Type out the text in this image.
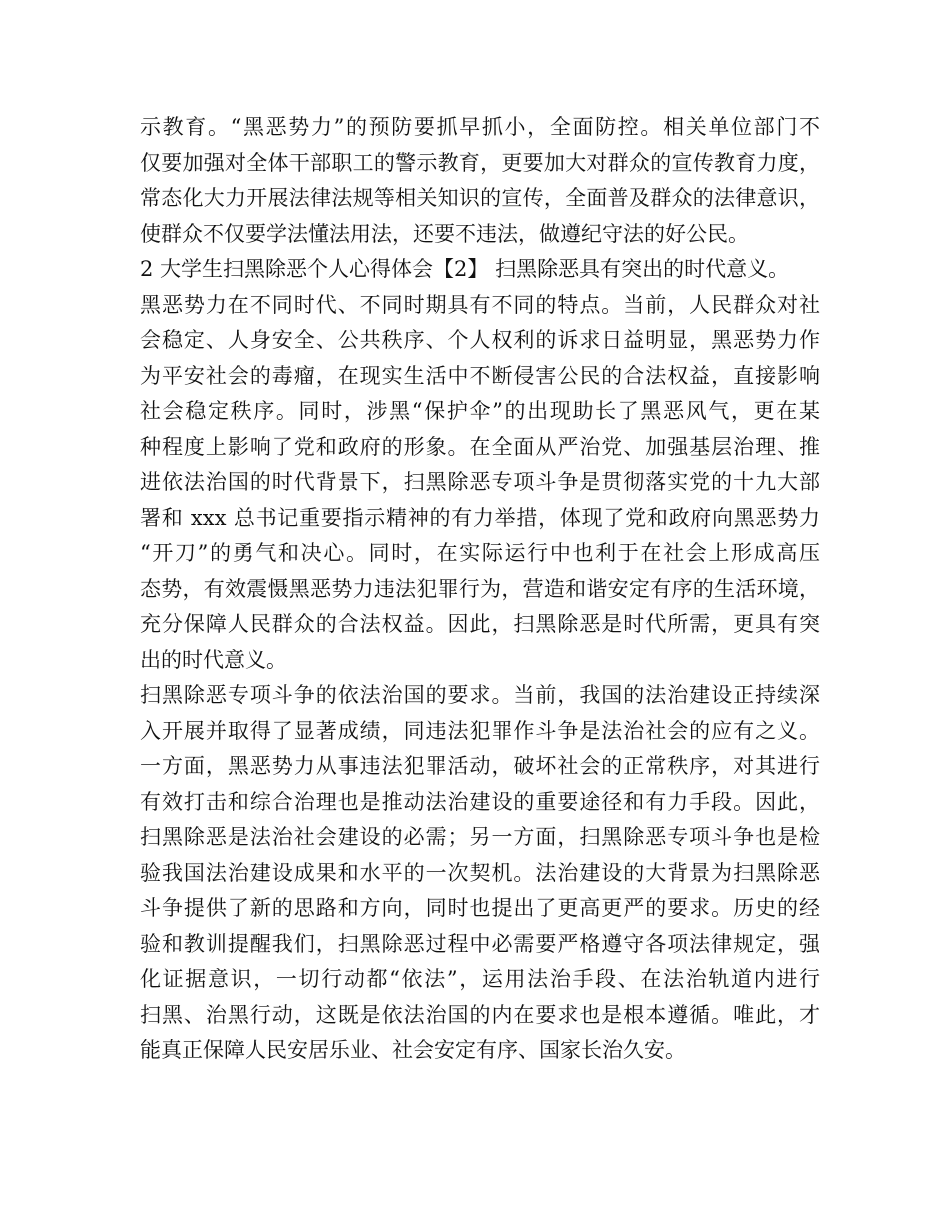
示教育。“黑恶势力”的预防要抓早抓小，全面防控。相关单位部门不
仅要加强对全体干部职工的警示教育，更要加大对群众的宣传教育力度，
常态化大力开展法律法规等相关知识的宣传，全面普及群众的法律意识，
使群众不仅要学法懂法用法，还要不违法，做遵纪守法的好公民。
2 大学生扫黑除恶个人心得体会【2】 扫黑除恶具有突出的时代意义。
黑恶势力在不同时代、不同时期具有不同的特点。当前，人民群众对社
会稳定、人身安全、公共秩序、个人权利的诉求日益明显，黑恶势力作
为平安社会的毒瘤，在现实生活中不断侵害公民的合法权益，直接影响
社会稳定秩序。同时，涉黑“保护伞”的出现助长了黑恶风气，更在某
种程度上影响了党和政府的形象。在全面从严治党、加强基层治理、推
进依法治国的时代背景下，扫黑除恶专项斗争是贯彻落实党的十九大部
署和 xxx 总书记重要指示精神的有力举措，体现了党和政府向黑恶势力
“开刀”的勇气和决心。同时，在实际运行中也利于在社会上形成高压
态势，有效震慑黑恶势力违法犯罪行为，营造和谐安定有序的生活环境，
充分保障人民群众的合法权益。因此，扫黑除恶是时代所需，更具有突
出的时代意义。
扫黑除恶专项斗争的依法治国的要求。当前，我国的法治建设正持续深
入开展并取得了显著成绩，同违法犯罪作斗争是法治社会的应有之义。
一方面，黑恶势力从事违法犯罪活动，破坏社会的正常秩序，对其进行
有效打击和综合治理也是推动法治建设的重要途径和有力手段。因此，
扫黑除恶是法治社会建设的必需；另一方面，扫黑除恶专项斗争也是检
验我国法治建设成果和水平的一次契机。法治建设的大背景为扫黑除恶
斗争提供了新的思路和方向，同时也提出了更高更严的要求。历史的经
验和教训提醒我们，扫黑除恶过程中必需要严格遵守各项法律规定，强
化证据意识，一切行动都“依法”，运用法治手段、在法治轨道内进行
扫黑、治黑行动，这既是依法治国的内在要求也是根本遵循。唯此，才
能真正保障人民安居乐业、社会安定有序、国家长治久安。
